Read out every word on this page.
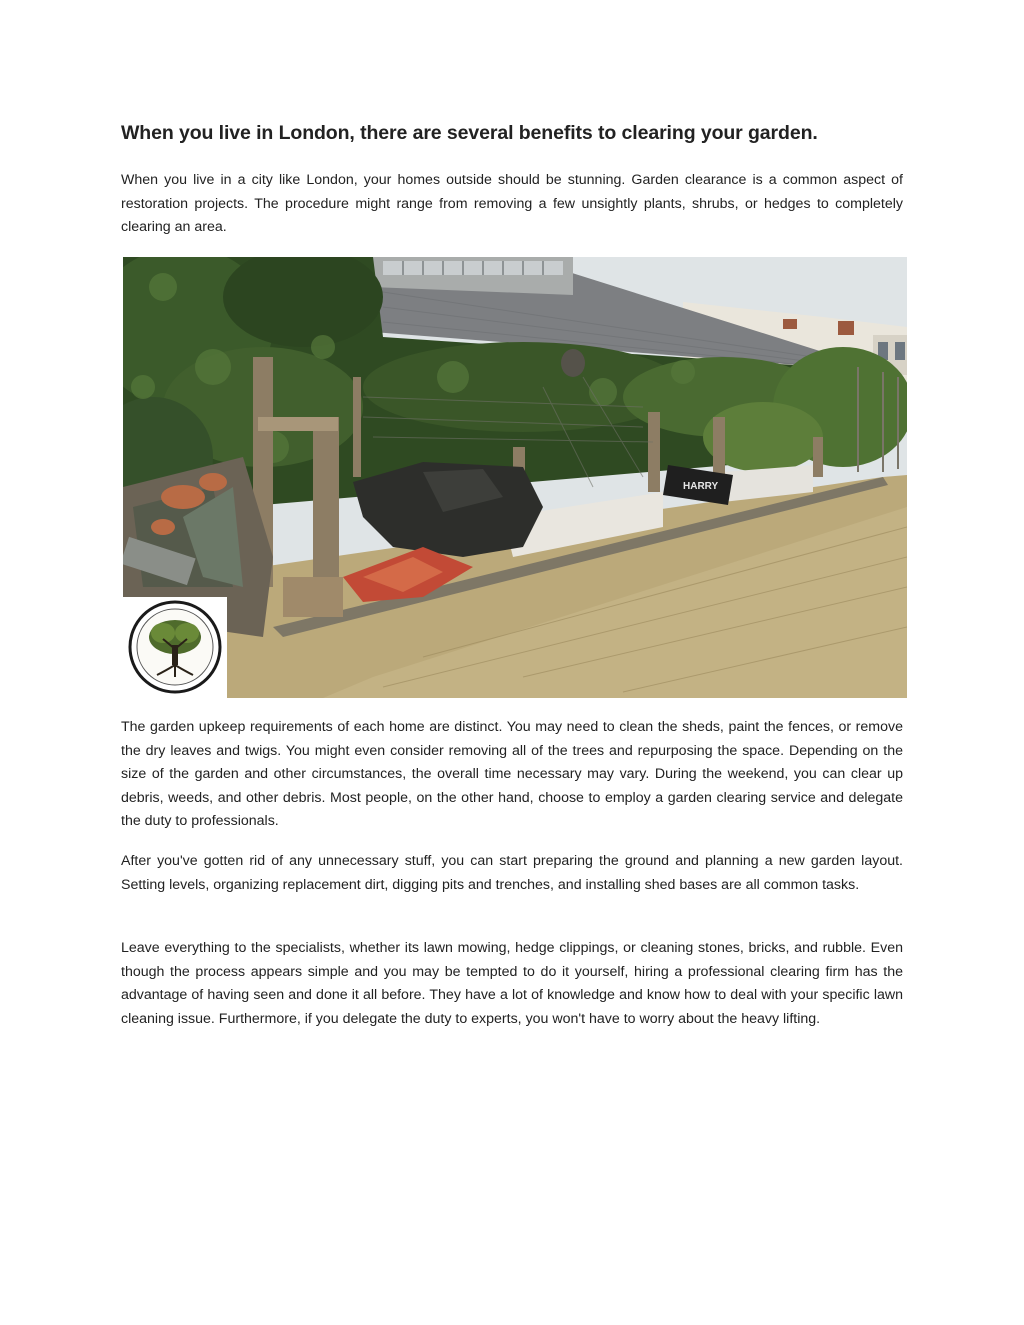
When you live in London, there are several benefits to clearing your garden.

When you live in a city like London, your homes outside should be stunning. Garden clearance is a common aspect of restoration projects. The procedure might range from removing a few unsightly plants, shrubs, or hedges to completely clearing an area.

HARRY

The garden upkeep requirements of each home are distinct. You may need to clean the sheds, paint the fences, or remove the dry leaves and twigs. You might even consider removing all of the trees and repurposing the space. Depending on the size of the garden and other circumstances, the overall time necessary may vary. During the weekend, you can clear up debris, weeds, and other debris. Most people, on the other hand, choose to employ a garden clearing service and delegate the duty to professionals.

After you've gotten rid of any unnecessary stuff, you can start preparing the ground and planning a new garden layout. Setting levels, organizing replacement dirt, digging pits and trenches, and installing shed bases are all common tasks.

Leave everything to the specialists, whether its lawn mowing, hedge clippings, or cleaning stones, bricks, and rubble. Even though the process appears simple and you may be tempted to do it yourself, hiring a professional clearing firm has the advantage of having seen and done it all before. They have a lot of knowledge and know how to deal with your specific lawn cleaning issue. Furthermore, if you delegate the duty to experts, you won't have to worry about the heavy lifting.
